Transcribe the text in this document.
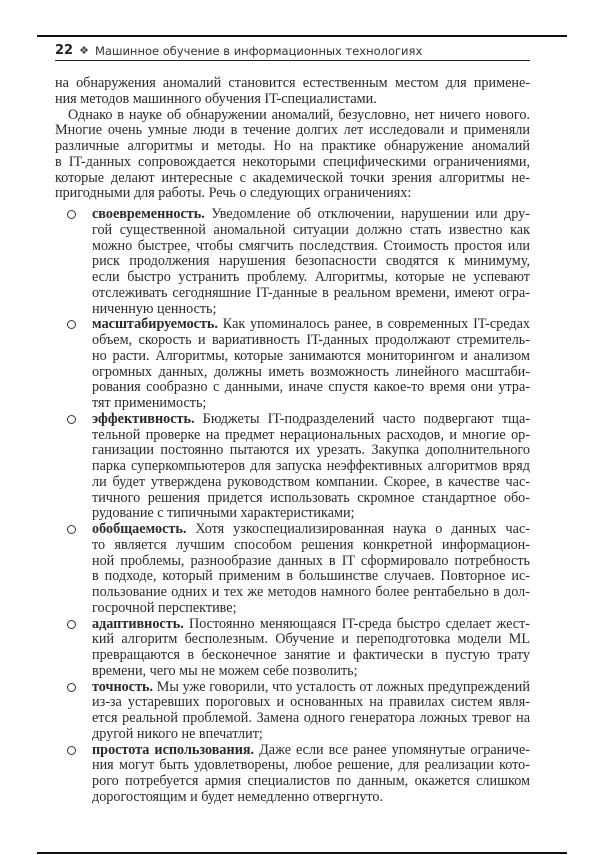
22 ❖ Машинное обучение в информационных технологиях
на обнаружения аномалий становится естественным местом для примене-
ния методов машинного обучения IT-специалистами.
Однако в науке об обнаружении аномалий, безусловно, нет ничего нового.
Многие очень умные люди в течение долгих лет исследовали и применяли
различные алгоритмы и методы. Но на практике обнаружение аномалий
в IT-данных сопровождается некоторыми специфическими ограничениями,
которые делают интересные с академической точки зрения алгоритмы не-
пригодными для работы. Речь о следующих ограничениях:
своевременность. Уведомление об отключении, нарушении или дру-
гой существенной аномальной ситуации должно стать известно как
можно быстрее, чтобы смягчить последствия. Стоимость простоя или
риск продолжения нарушения безопасности сводятся к минимуму,
если быстро устранить проблему. Алгоритмы, которые не успевают
отслеживать сегодняшние IT-данные в реальном времени, имеют огра-
ниченную ценность;
масштабируемость. Как упоминалось ранее, в современных IT-средах
объем, скорость и вариативность IT-данных продолжают стремитель-
но расти. Алгоритмы, которые занимаются мониторингом и анализом
огромных данных, должны иметь возможность линейного масштаби-
рования сообразно с данными, иначе спустя какое-то время они утра-
тят применимость;
эффективность. Бюджеты IT-подразделений часто подвергают тща-
тельной проверке на предмет нерациональных расходов, и многие ор-
ганизации постоянно пытаются их урезать. Закупка дополнительного
парка суперкомпьютеров для запуска неэффективных алгоритмов вряд
ли будет утверждена руководством компании. Скорее, в качестве час-
тичного решения придется использовать скромное стандартное обо-
рудование с типичными характеристиками;
обобщаемость. Хотя узкоспециализированная наука о данных час-
то является лучшим способом решения конкретной информацион-
ной проблемы, разнообразие данных в IT сформировало потребность
в подходе, который применим в большинстве случаев. Повторное ис-
пользование одних и тех же методов намного более рентабельно в дол-
госрочной перспективе;
адаптивность. Постоянно меняющаяся IT-среда быстро сделает жест-
кий алгоритм бесполезным. Обучение и переподготовка модели ML
превращаются в бесконечное занятие и фактически в пустую трату
времени, чего мы не можем себе позволить;
точность. Мы уже говорили, что усталость от ложных предупреждений
из-за устаревших пороговых и основанных на правилах систем явля-
ется реальной проблемой. Замена одного генератора ложных тревог на
другой никого не впечатлит;
простота использования. Даже если все ранее упомянутые ограниче-
ния могут быть удовлетворены, любое решение, для реализации кото-
рого потребуется армия специалистов по данным, окажется слишком
дорогостоящим и будет немедленно отвергнуто.
